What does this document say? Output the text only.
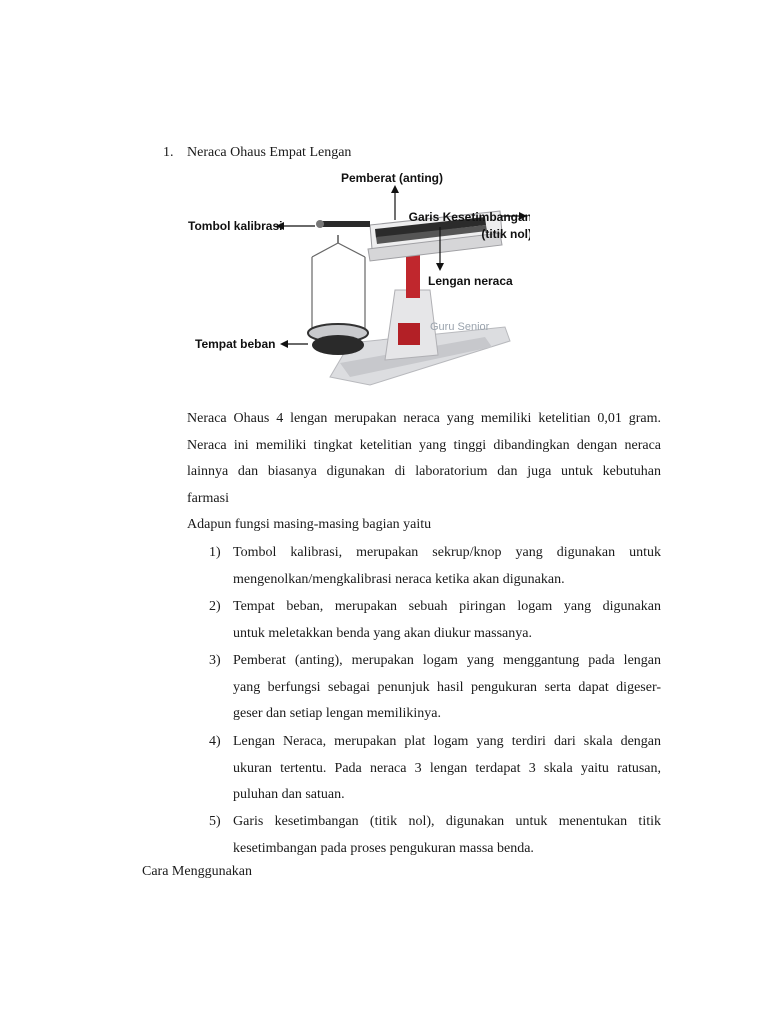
1. Neraca Ohaus Empat Lengan
Pemberat (anting)
Tombol kalibrasi
Garis Kesetimbangan
(titik nol)
Lengan neraca
Tempat beban
Guru Senior
Neraca Ohaus 4 lengan merupakan neraca yang memiliki ketelitian 0,01 gram.
Neraca ini memiliki tingkat ketelitian yang tinggi dibandingkan dengan neraca
lainnya dan biasanya digunakan di laboratorium dan juga untuk kebutuhan
farmasi
Adapun fungsi masing-masing bagian yaitu
1) Tombol kalibrasi, merupakan sekrup/knop yang digunakan untuk
mengenolkan/mengkalibrasi neraca ketika akan digunakan.
2) Tempat beban, merupakan sebuah piringan logam yang digunakan
untuk meletakkan benda yang akan diukur massanya.
3) Pemberat (anting), merupakan logam yang menggantung pada lengan
yang berfungsi sebagai penunjuk hasil pengukuran serta dapat digeser-
geser dan setiap lengan memilikinya.
4) Lengan Neraca, merupakan plat logam yang terdiri dari skala dengan
ukuran tertentu. Pada neraca 3 lengan terdapat 3 skala yaitu ratusan,
puluhan dan satuan.
5) Garis kesetimbangan (titik nol), digunakan untuk menentukan titik
kesetimbangan pada proses pengukuran massa benda.
Cara Menggunakan
